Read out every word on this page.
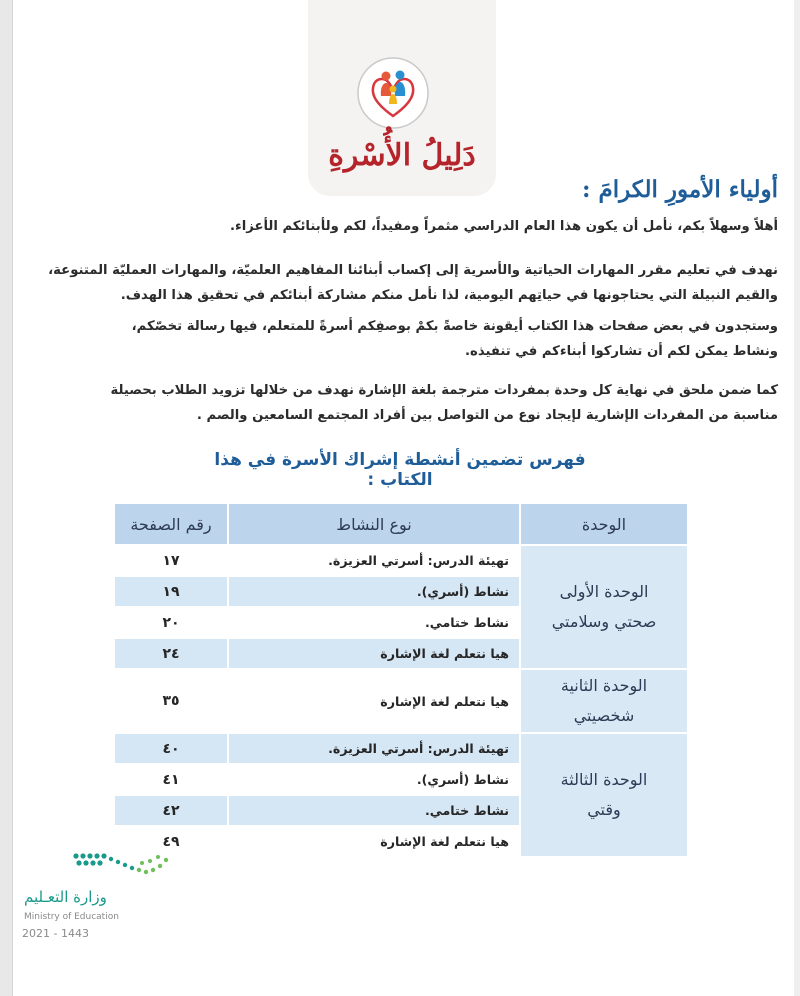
دَلِيلُ الأُسْرةِ
أولياء الأمورِ الكرامَ :

أهلاً وسهلاً بكم، نأمل أن يكون هذا العام الدراسي مثمراً ومفيداً، لكم ولأبنائكم الأعزاء.

نهدف في تعليم مقرر المهارات الحياتية والأسرية إلى إكساب أبنائنا المفاهيم العلميّة، والمهارات العمليّة المتنوعة،

والقيم النبيلة التي يحتاجونها في حياتِهم اليومية، لذا نأمل منكم مشاركة أبنائكم في تحقيق هذا الهدف.

وستجدون في بعض صفحات هذا الكتاب أيقونة خاصةً بكمْ بوصفِكم أسرةً للمتعلم، فيها رسالة تخصّكم،

ونشاط يمكن لكم أن تشاركوا أبناءكم في تنفيذه.

كما ضمن ملحق في نهاية كل وحدة بمفردات مترجمة بلغة الإشارة نهدف من خلالها تزويد الطلاب بحصيلة

مناسبة من المفردات الإشارية لإيجاد نوع من التواصل بين أفراد المجتمع السامعين والصم .

فهرس تضمين أنشطة إشراك الأسرة في هذا الكتاب :
الوحدة	نوع النشاط	رقم الصفحة

الوحدة الأولى
صحتي وسلامتي	تهيئة الدرس: أسرتي العزيزة.	١٧
	نشاط (أسري).	١٩
	نشاط ختامي.	٢٠
	هيا نتعلم لغة الإشارة	٢٤

الوحدة الثانية
شخصيتي	هيا نتعلم لغة الإشارة	٣٥

الوحدة الثالثة
وقتي	تهيئة الدرس: أسرتي العزيزة.	٤٠
	نشاط (أسري).	٤١
	نشاط ختامي.	٤٢
	هيا نتعلم لغة الإشارة	٤٩
وزارة التعـليم
Ministry of Education
2021 - 1443
